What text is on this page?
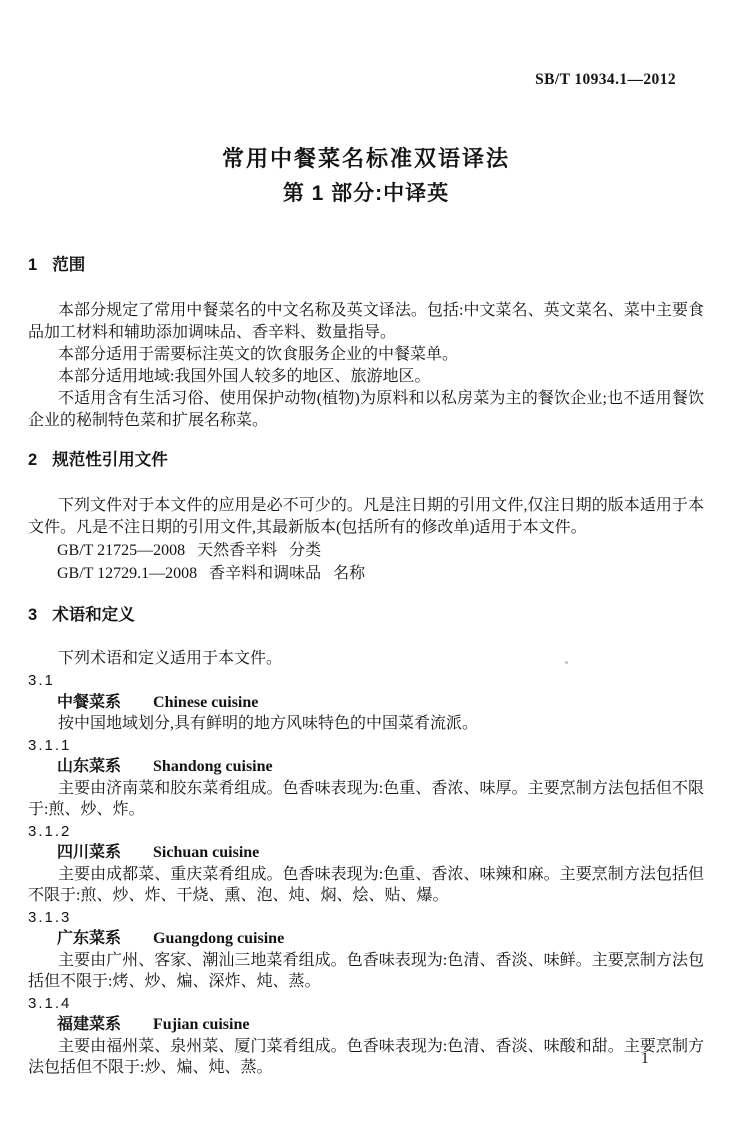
SB/T 10934.1—2012
常用中餐菜名标准双语译法
第 1 部分:中译英
1 范围

本部分规定了常用中餐菜名的中文名称及英文译法。包括:中文菜名、英文菜名、菜中主要食品加工材料和辅助添加调味品、香辛料、数量指导。

本部分适用于需要标注英文的饮食服务企业的中餐菜单。

本部分适用地域:我国外国人较多的地区、旅游地区。

不适用含有生活习俗、使用保护动物(植物)为原料和以私房菜为主的餐饮企业;也不适用餐饮企业的秘制特色菜和扩展名称菜。

2 规范性引用文件

下列文件对于本文件的应用是必不可少的。凡是注日期的引用文件,仅注日期的版本适用于本文件。凡是不注日期的引用文件,其最新版本(包括所有的修改单)适用于本文件。

GB/T 21725—2008   天然香辛料   分类
GB/T 12729.1—2008   香辛料和调味品   名称
3 术语和定义

下列术语和定义适用于本文件。

3.1
中餐菜系 Chinese cuisine

按中国地域划分,具有鲜明的地方风味特色的中国菜肴流派。

3.1.1
山东菜系 Shandong cuisine

主要由济南菜和胶东菜肴组成。色香味表现为:色重、香浓、味厚。主要烹制方法包括但不限于:煎、炒、炸。

3.1.2
四川菜系 Sichuan cuisine

主要由成都菜、重庆菜肴组成。色香味表现为:色重、香浓、味辣和麻。主要烹制方法包括但不限于:煎、炒、炸、干烧、熏、泡、炖、焖、烩、贴、爆。

3.1.3
广东菜系 Guangdong cuisine

主要由广州、客家、潮汕三地菜肴组成。色香味表现为:色清、香淡、味鲜。主要烹制方法包括但不限于:烤、炒、煸、深炸、炖、蒸。

3.1.4
福建菜系 Fujian cuisine

主要由福州菜、泉州菜、厦门菜肴组成。色香味表现为:色清、香淡、味酸和甜。主要烹制方法包括但不限于:炒、煸、炖、蒸。

1
